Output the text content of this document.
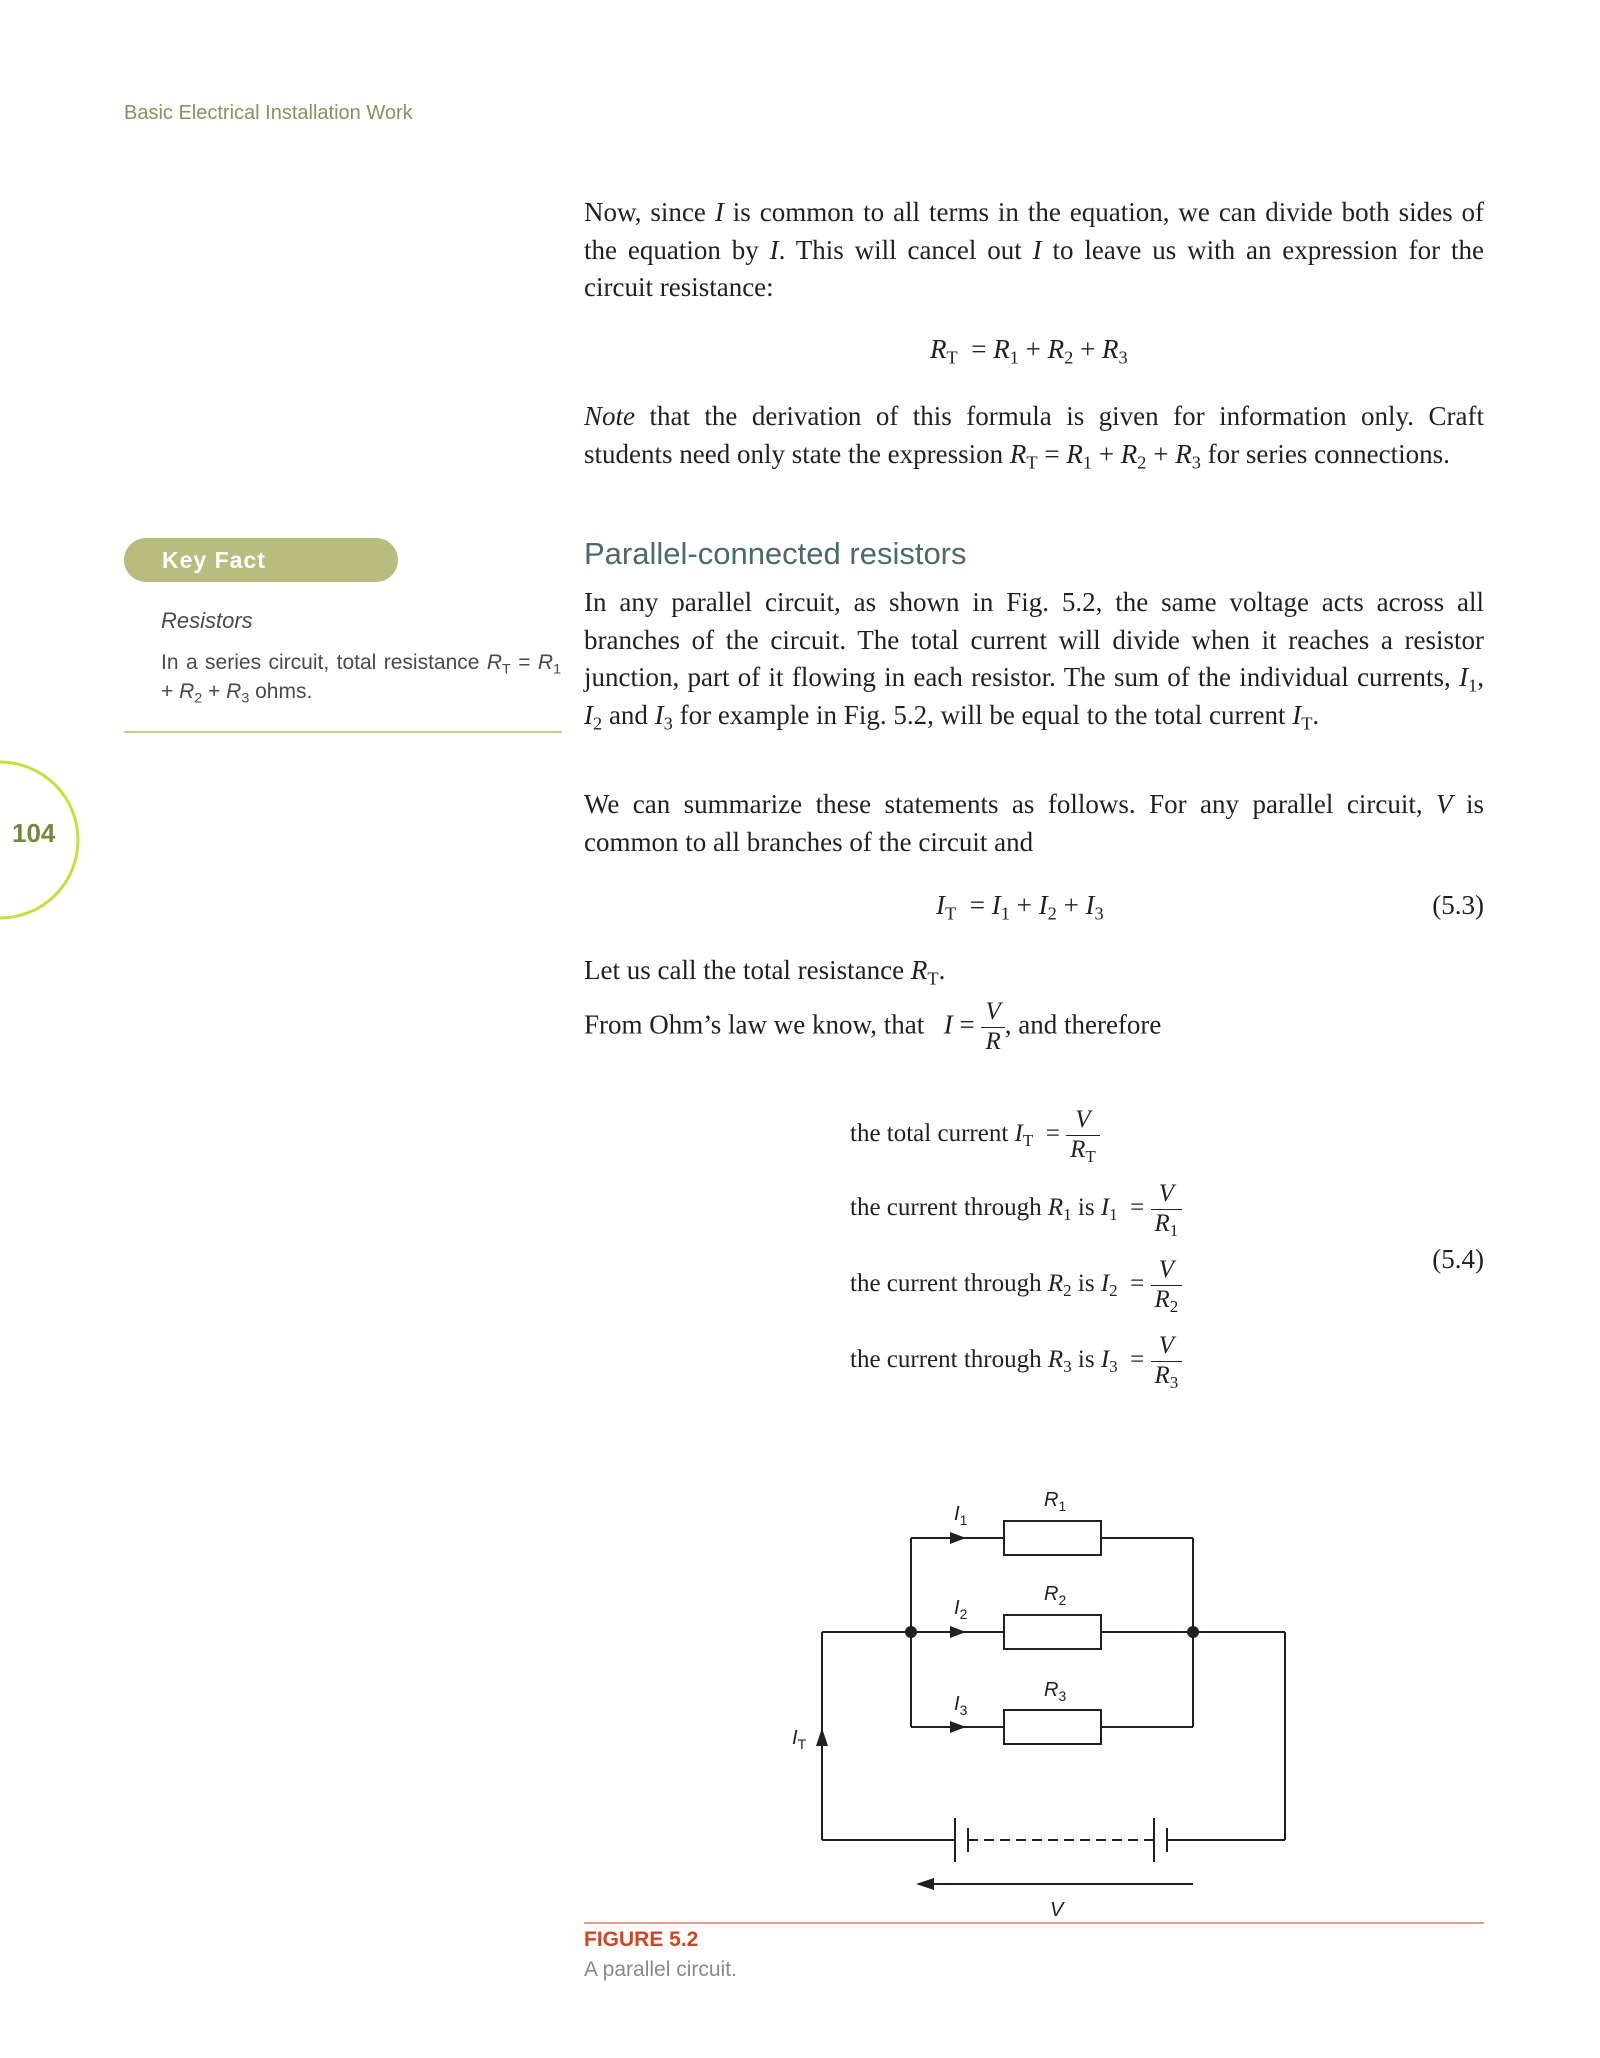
Basic Electrical Installation Work
104

Now, since I is common to all terms in the equation, we can divide both sides of the equation by I. This will cancel out I to leave us with an expression for the circuit resistance:

$R_T = R_1 + R_2 + R_3$

Note that the derivation of this formula is given for information only. Craft students need only state the expression $R_T = R_1 + R_2 + R_3$ for series connections.

Parallel-connected resistors

In any parallel circuit, as shown in Fig. 5.2, the same voltage acts across all branches of the circuit. The total current will divide when it reaches a resistor junction, part of it flowing in each resistor. The sum of the individual currents, $I_1$, $I_2$ and $I_3$ for example in Fig. 5.2, will be equal to the total current $I_T$.

We can summarize these statements as follows. For any parallel circuit, V is common to all branches of the circuit and

$I_T = I_1 + I_2 + I_3$	(5.3)

Let us call the total resistance $R_T$.

From Ohm’s law we know, that $I = \frac{V}{R}$ , and therefore

the total current $I_T = \frac{V}{R_T}$
the current through $R_1$ is $I_1 = \frac{V}{R_1}$
the current through $R_2$ is $I_2 = \frac{V}{R_2}$
the current through $R_3$ is $I_3 = \frac{V}{R_3}$
(5.4)
Key Fact
Resistors
In a series circuit, total resistance $R_T = R_1 + R_2 + R_3$ ohms.
$R_1$
$R_2$
$R_3$
$I_1$
$I_2$
$I_3$
$I_T$
V
FIGURE 5.2
A parallel circuit.
